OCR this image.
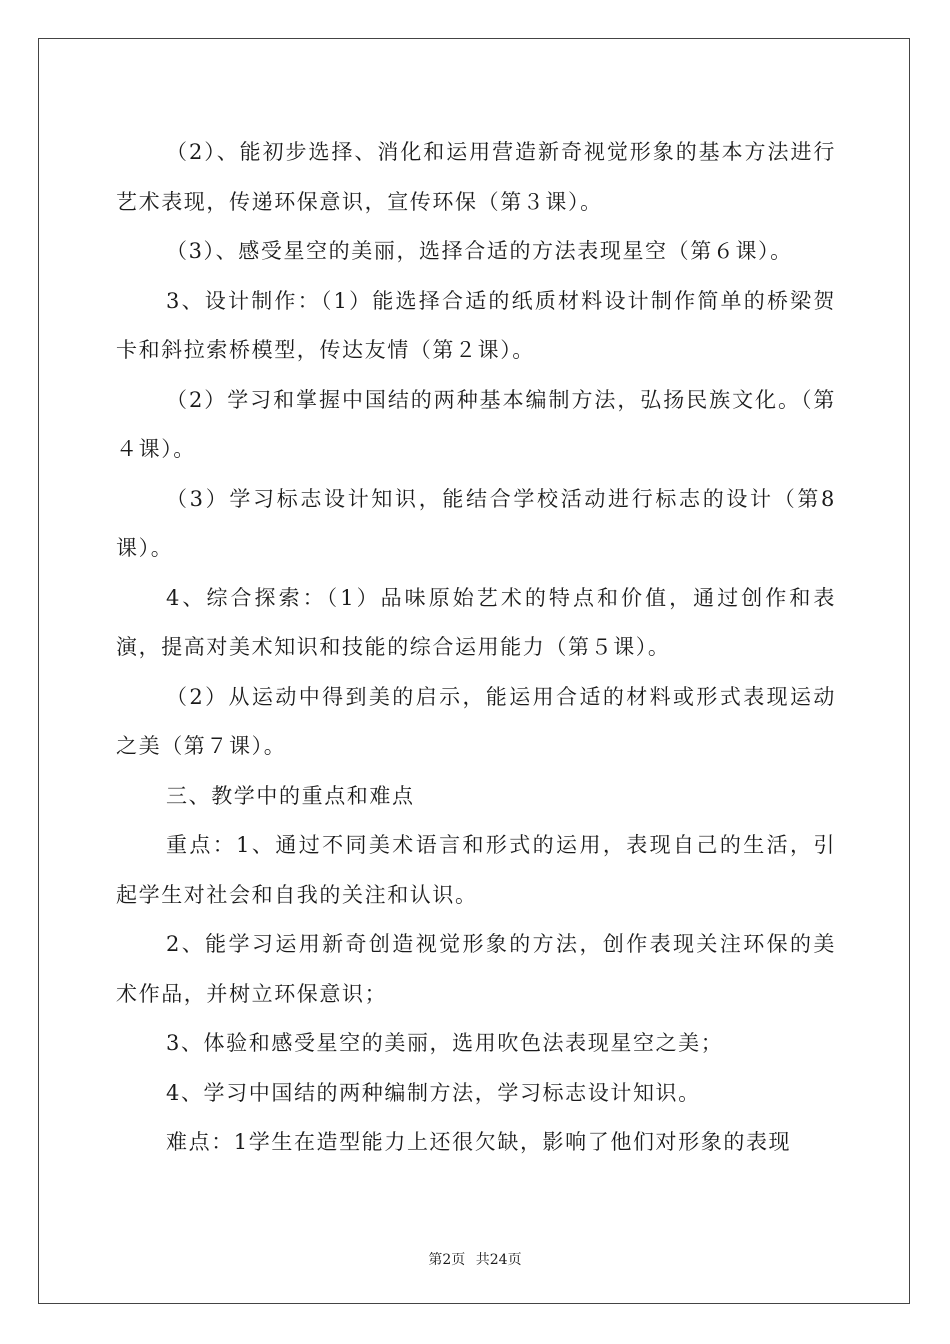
（2）、能初步选择、消化和运用营造新奇视觉形象的基本方法进行艺术表现，传递环保意识，宣传环保（第３课）。

（3）、感受星空的美丽，选择合适的方法表现星空（第６课）。

3、设计制作：（1）能选择合适的纸质材料设计制作简单的桥梁贺卡和斜拉索桥模型，传达友情（第２课）。

（2）学习和掌握中国结的两种基本编制方法，弘扬民族文化。（第４课）。

（3）学习标志设计知识，能结合学校活动进行标志的设计（第8课）。

4、综合探索：（1）品味原始艺术的特点和价值，通过创作和表演，提高对美术知识和技能的综合运用能力（第５课）。

（2）从运动中得到美的启示，能运用合适的材料或形式表现运动之美（第７课）。

三、教学中的重点和难点

重点：1、通过不同美术语言和形式的运用，表现自己的生活，引起学生对社会和自我的关注和认识。

2、能学习运用新奇创造视觉形象的方法，创作表现关注环保的美术作品，并树立环保意识；

3、体验和感受星空的美丽，选用吹色法表现星空之美；

4、学习中国结的两种编制方法，学习标志设计知识。

难点：1学生在造型能力上还很欠缺，影响了他们对形象的表现

第2页 共24页
